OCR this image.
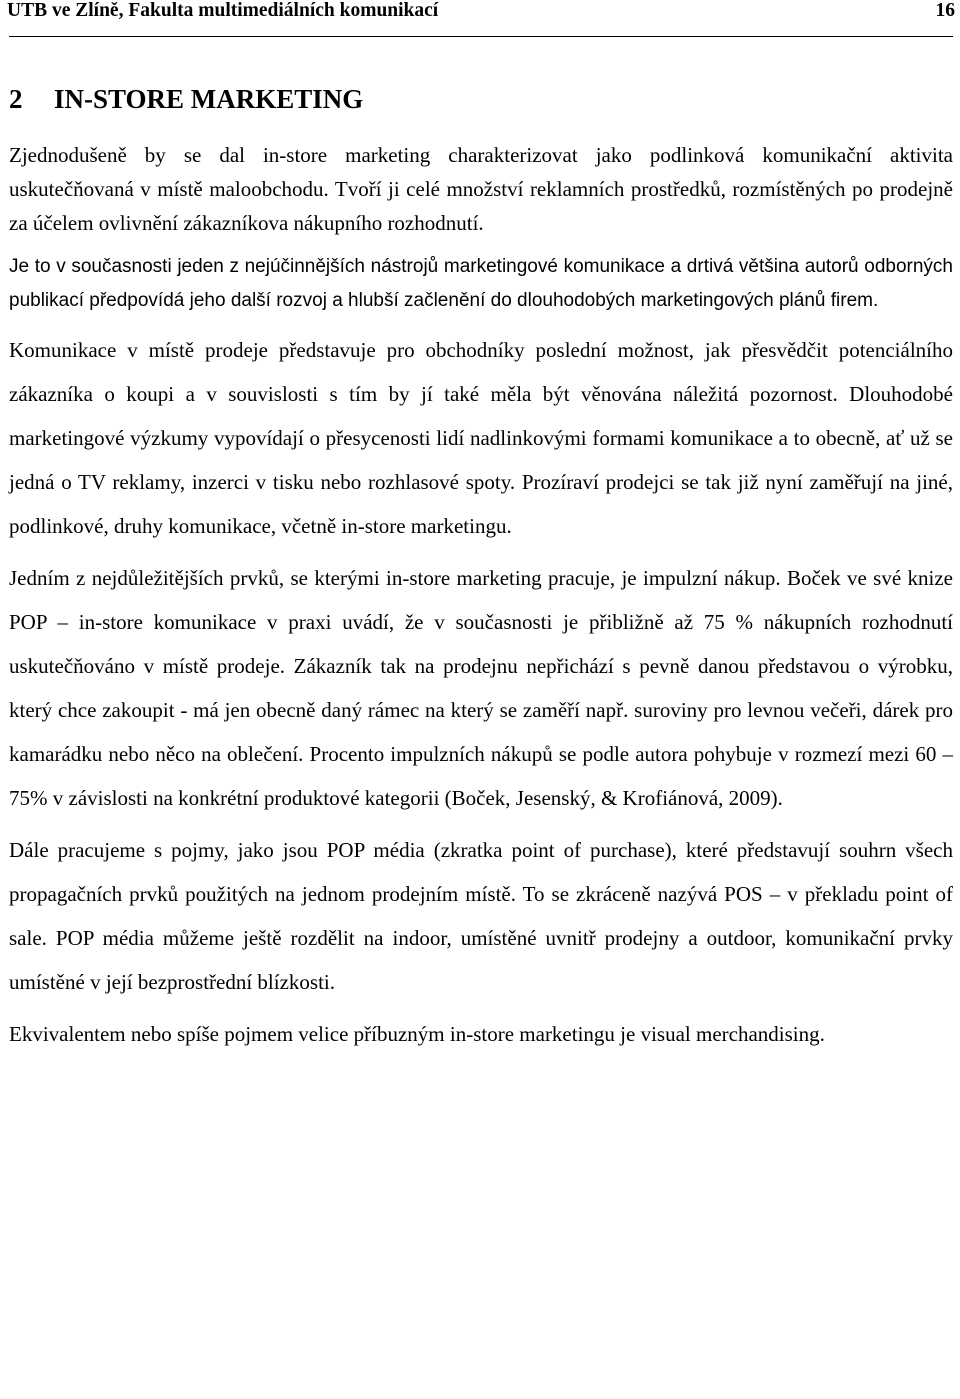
UTB ve Zlíně, Fakulta multimediálních komunikací	16
2 IN-STORE MARKETING

Zjednodušeně by se dal in-store marketing charakterizovat jako podlinková komunikační aktivita uskutečňovaná v místě maloobchodu. Tvoří ji celé množství reklamních prostředků, rozmístěných po prodejně za účelem ovlivnění zákazníkova nákupního rozhodnutí.

Je to v současnosti jeden z nejúčinnějších nástrojů marketingové komunikace a drtivá většina autorů odborných publikací předpovídá jeho další rozvoj a hlubší začlenění do dlouhodobých marketingových plánů firem.

Komunikace v místě prodeje představuje pro obchodníky poslední možnost, jak přesvědčit potenciálního zákazníka o koupi a v souvislosti s tím by jí také měla být věnována náležitá pozornost. Dlouhodobé marketingové výzkumy vypovídají o přesycenosti lidí nadlinkovými formami komunikace a to obecně, ať už se jedná o TV reklamy, inzerci v tisku nebo rozhlasové spoty. Prozíraví prodejci se tak již nyní zaměřují na jiné, podlinkové, druhy komunikace, včetně in-store marketingu.

Jedním z nejdůležitějších prvků, se kterými in-store marketing pracuje, je impulzní nákup. Boček ve své knize POP – in-store komunikace v praxi uvádí, že v současnosti je přibližně až 75 % nákupních rozhodnutí uskutečňováno v místě prodeje. Zákazník tak na prodejnu nepřichází s pevně danou představou o výrobku, který chce zakoupit - má jen obecně daný rámec na který se zaměří např. suroviny pro levnou večeři, dárek pro kamarádku nebo něco na oblečení. Procento impulzních nákupů se podle autora pohybuje v rozmezí mezi 60 – 75% v závislosti na konkrétní produktové kategorii (Boček, Jesenský, & Krofiánová, 2009).

Dále pracujeme s pojmy, jako jsou POP média (zkratka point of purchase), které představují souhrn všech propagačních prvků použitých na jednom prodejním místě. To se zkráceně nazývá POS – v překladu point of sale. POP média můžeme ještě rozdělit na indoor, umístěné uvnitř prodejny a outdoor, komunikační prvky umístěné v její bezprostřední blízkosti.

Ekvivalentem nebo spíše pojmem velice příbuzným in-store marketingu je visual merchandising.
